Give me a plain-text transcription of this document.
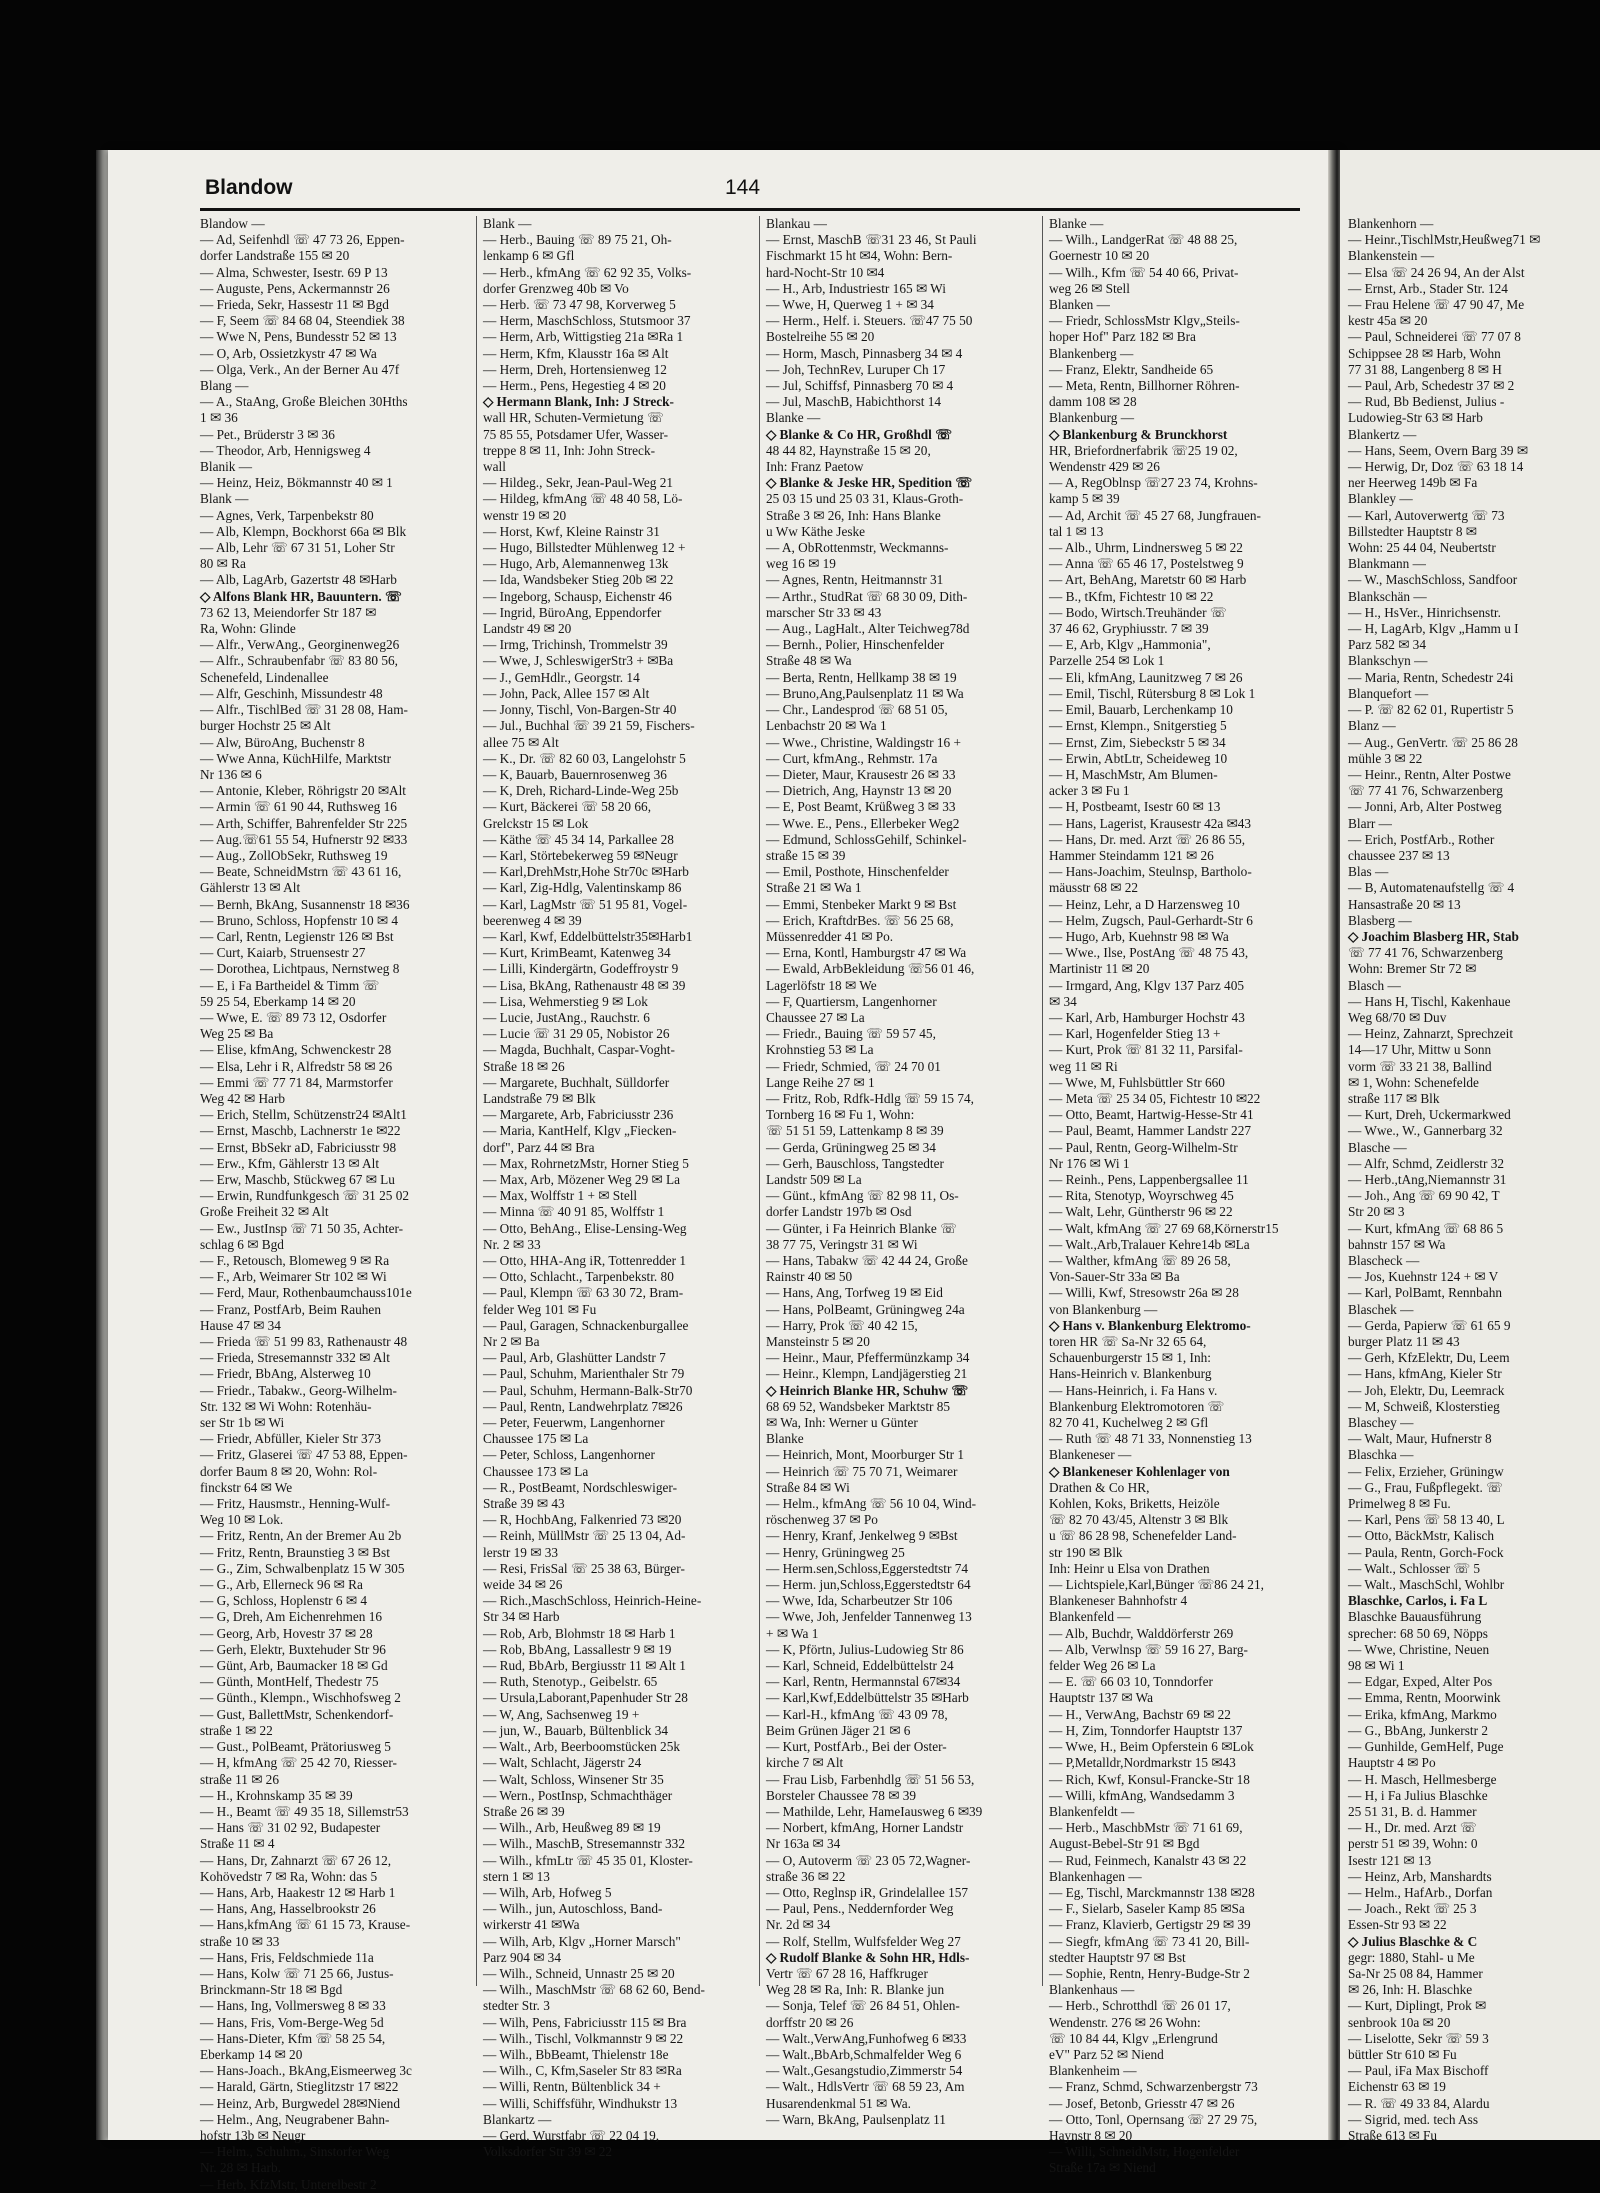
Blandow	144
Blandow —
— Ad, Seifenhdl ☏ 47 73 26, Eppen-
dorfer Landstraße 155 ✉ 20
— Alma, Schwester, Isestr. 69 P 13
— Auguste, Pens, Ackermannstr 26
— Frieda, Sekr, Hassestr 11 ✉ Bgd
— F, Seem ☏ 84 68 04, Steendiek 38
— Wwe N, Pens, Bundesstr 52 ✉ 13
— O, Arb, Ossietzkystr 47 ✉ Wa
— Olga, Verk., An der Berner Au 47f
Blang —
— A., StaAng, Große Bleichen 30Hths
1 ✉ 36
— Pet., Brüderstr 3 ✉ 36
— Theodor, Arb, Hennigsweg 4
Blanik —
— Heinz, Heiz, Bökmannstr 40 ✉ 1
Blank —
— Agnes, Verk, Tarpenbekstr 80
— Alb, Klempn, Bockhorst 66a ✉ Blk
— Alb, Lehr ☏ 67 31 51, Loher Str
80 ✉ Ra
— Alb, LagArb, Gazertstr 48 ✉Harb
◇ Alfons Blank HR, Bauuntern. ☏
73 62 13, Meiendorfer Str 187 ✉
Ra, Wohn: Glinde
— Alfr., VerwAng., Georginenweg26
— Alfr., Schraubenfabr ☏ 83 80 56,
Schenefeld, Lindenallee
— Alfr, Geschinh, Missundestr 48
— Alfr., TischlBed ☏ 31 28 08, Ham-
burger Hochstr 25 ✉ Alt
— Alw, BüroAng, Buchenstr 8
— Wwe Anna, KüchHilfe, Marktstr
Nr 136 ✉ 6
— Antonie, Kleber, Röhrigstr 20 ✉Alt
— Armin ☏ 61 90 44, Ruthsweg 16
— Arth, Schiffer, Bahrenfelder Str 225
— Aug.☏61 55 54, Hufnerstr 92 ✉33
— Aug., ZollObSekr, Ruthsweg 19
— Beate, SchneidMstrn ☏ 43 61 16,
Gählerstr 13 ✉ Alt
— Bernh, BkAng, Susannenstr 18 ✉36
— Bruno, Schloss, Hopfenstr 10 ✉ 4
— Carl, Rentn, Legienstr 126 ✉ Bst
— Curt, Kaiarb, Struensestr 27
— Dorothea, Lichtpaus, Nernstweg 8
— E, i Fa Bartheidel & Timm ☏
59 25 54, Eberkamp 14 ✉ 20
— Wwe, E. ☏ 89 73 12, Osdorfer
Weg 25 ✉ Ba
— Elise, kfmAng, Schwenckestr 28
— Elsa, Lehr i R, Alfredstr 58 ✉ 26
— Emmi ☏ 77 71 84, Marmstorfer
Weg 42 ✉ Harb
— Erich, Stellm, Schützenstr24 ✉Alt1
— Ernst, Maschb, Lachnerstr 1e ✉22
— Ernst, BbSekr aD, Fabriciusstr 98
— Erw., Kfm, Gählerstr 13 ✉ Alt
— Erw, Maschb, Stückweg 67 ✉ Lu
— Erwin, Rundfunkgesch ☏ 31 25 02
Große Freiheit 32 ✉ Alt
— Ew., JustInsp ☏ 71 50 35, Achter-
schlag 6 ✉ Bgd
— F., Retousch, Blomeweg 9 ✉ Ra
— F., Arb, Weimarer Str 102 ✉ Wi
— Ferd, Maur, Rothenbaumchauss101e
— Franz, PostfArb, Beim Rauhen
Hause 47 ✉ 34
— Frieda ☏ 51 99 83, Rathenaustr 48
— Frieda, Stresemannstr 332 ✉ Alt
— Friedr, BbAng, Alsterweg 10
— Friedr., Tabakw., Georg-Wilhelm-
Str. 132 ✉ Wi Wohn: Rotenhäu-
ser Str 1b ✉ Wi
— Friedr, Abfüller, Kieler Str 373
— Fritz, Glaserei ☏ 47 53 88, Eppen-
dorfer Baum 8 ✉ 20, Wohn: Rol-
finckstr 64 ✉ We
— Fritz, Hausmstr., Henning-Wulf-
Weg 10 ✉ Lok.
— Fritz, Rentn, An der Bremer Au 2b
— Fritz, Rentn, Braunstieg 3 ✉ Bst
— G., Zim, Schwalbenplatz 15 W 305
— G., Arb, Ellerneck 96 ✉ Ra
— G, Schloss, Hoplenstr 6 ✉ 4
— G, Dreh, Am Eichenrehmen 16
— Georg, Arb, Hovestr 37 ✉ 28
— Gerh, Elektr, Buxtehuder Str 96
— Günt, Arb, Baumacker 18 ✉ Gd
— Günth, MontHelf, Thedestr 75
— Günth., Klempn., Wischhofsweg 2
— Gust, BallettMstr, Schenkendorf-
straße 1 ✉ 22
— Gust., PolBeamt, Prätoriusweg 5
— H, kfmAng ☏ 25 42 70, Riesser-
straße 11 ✉ 26
— H., Krohnskamp 35 ✉ 39
— H., Beamt ☏ 49 35 18, Sillemstr53
— Hans ☏ 31 02 92, Budapester
Straße 11 ✉ 4
— Hans, Dr, Zahnarzt ☏ 67 26 12,
Kohövedstr 7 ✉ Ra, Wohn: das 5
— Hans, Arb, Haakestr 12 ✉ Harb 1
— Hans, Ang, Hasselbrookstr 26
— Hans,kfmAng ☏ 61 15 73, Krause-
straße 10 ✉ 33
— Hans, Fris, Feldschmiede 11a
— Hans, Kolw ☏ 71 25 66, Justus-
Brinckmann-Str 18 ✉ Bgd
— Hans, Ing, Vollmersweg 8 ✉ 33
— Hans, Fris, Vom-Berge-Weg 5d
— Hans-Dieter, Kfm ☏ 58 25 54,
Eberkamp 14 ✉ 20
— Hans-Joach., BkAng,Eismeerweg 3c
— Harald, Gärtn, Stieglitzstr 17 ✉22
— Heinz, Arb, Burgwedel 28✉Niend
— Helm., Ang, Neugrabener Bahn-
hofstr 13b ✉ Neugr
— Helm., Schuhm., Sinstorfer Weg
Nr. 28 ✉ Harb.
— Herb, KfzMstr, Unterelbestr 2
Blank —
— Herb., Bauing ☏ 89 75 21, Oh-
lenkamp 6 ✉ Gfl
— Herb., kfmAng ☏ 62 92 35, Volks-
dorfer Grenzweg 40b ✉ Vo
— Herb. ☏ 73 47 98, Korverweg 5
— Herm, MaschSchloss, Stutsmoor 37
— Herm, Arb, Wittigstieg 21a ✉Ra 1
— Herm, Kfm, Klausstr 16a ✉ Alt
— Herm, Dreh, Hortensienweg 12
— Herm., Pens, Hegestieg 4 ✉ 20
◇ Hermann Blank, Inh: J Streck-
wall HR, Schuten-Vermietung ☏
75 85 55, Potsdamer Ufer, Wasser-
treppe 8 ✉ 11, Inh: John Streck-
wall
— Hildeg., Sekr, Jean-Paul-Weg 21
— Hildeg, kfmAng ☏ 48 40 58, Lö-
wenstr 19 ✉ 20
— Horst, Kwf, Kleine Rainstr 31
— Hugo, Billstedter Mühlenweg 12 +
— Hugo, Arb, Alemannenweg 13k
— Ida, Wandsbeker Stieg 20b ✉ 22
— Ingeborg, Schausp, Eichenstr 46
— Ingrid, BüroAng, Eppendorfer
Landstr 49 ✉ 20
— Irmg, Trichinsh, Trommelstr 39
— Wwe, J, SchleswigerStr3 + ✉Ba
— J., GemHdlr., Georgstr. 14
— John, Pack, Allee 157 ✉ Alt
— Jonny, Tischl, Von-Bargen-Str 40
— Jul., Buchhal ☏ 39 21 59, Fischers-
allee 75 ✉ Alt
— K., Dr. ☏ 82 60 03, Langelohstr 5
— K, Bauarb, Bauernrosenweg 36
— K, Dreh, Richard-Linde-Weg 25b
— Kurt, Bäckerei ☏ 58 20 66,
Grelckstr 15 ✉ Lok
— Käthe ☏ 45 34 14, Parkallee 28
— Karl, Störtebekerweg 59 ✉Neugr
— Karl,DrehMstr,Hohe Str70c ✉Harb
— Karl, Zig-Hdlg, Valentinskamp 86
— Karl, LagMstr ☏ 51 95 81, Vogel-
beerenweg 4 ✉ 39
— Karl, Kwf, Eddelbüttelstr35✉Harb1
— Kurt, KrimBeamt, Katenweg 34
— Lilli, Kindergärtn, Godeffroystr 9
— Lisa, BkAng, Rathenaustr 48 ✉ 39
— Lisa, Wehmerstieg 9 ✉ Lok
— Lucie, JustAng., Rauchstr. 6
— Lucie ☏ 31 29 05, Nobistor 26
— Magda, Buchhalt, Caspar-Voght-
Straße 18 ✉ 26
— Margarete, Buchhalt, Sülldorfer
Landstraße 79 ✉ Blk
— Margarete, Arb, Fabriciusstr 236
— Maria, KantHelf, Klgv „Fiecken-
dorf", Parz 44 ✉ Bra
— Max, RohrnetzMstr, Horner Stieg 5
— Max, Arb, Mözener Weg 29 ✉ La
— Max, Wolffstr 1 + ✉ Stell
— Minna ☏ 40 91 85, Wolffstr 1
— Otto, BehAng., Elise-Lensing-Weg
Nr. 2 ✉ 33
— Otto, HHA-Ang iR, Tottenredder 1
— Otto, Schlacht., Tarpenbekstr. 80
— Paul, Klempn ☏ 63 30 72, Bram-
felder Weg 101 ✉ Fu
— Paul, Garagen, Schnackenburgallee
Nr 2 ✉ Ba
— Paul, Arb, Glashütter Landstr 7
— Paul, Schuhm, Marienthaler Str 79
— Paul, Schuhm, Hermann-Balk-Str70
— Paul, Rentn, Landwehrplatz 7✉26
— Peter, Feuerwm, Langenhorner
Chaussee 175 ✉ La
— Peter, Schloss, Langenhorner
Chaussee 173 ✉ La
— R., PostBeamt, Nordschleswiger-
Straße 39 ✉ 43
— R, HochbAng, Falkenried 73 ✉20
— Reinh, MüllMstr ☏ 25 13 04, Ad-
lerstr 19 ✉ 33
— Resi, FrisSal ☏ 25 38 63, Bürger-
weide 34 ✉ 26
— Rich.,MaschSchloss, Heinrich-Heine-
Str 34 ✉ Harb
— Rob, Arb, Blohmstr 18 ✉ Harb 1
— Rob, BbAng, Lassallestr 9 ✉ 19
— Rud, BbArb, Bergiusstr 11 ✉ Alt 1
— Ruth, Stenotyp., Geibelstr. 65
— Ursula,Laborant,Papenhuder Str 28
— W, Ang, Sachsenweg 19 +
— jun, W., Bauarb, Bültenblick 34
— Walt., Arb, Beerboomstücken 25k
— Walt, Schlacht, Jägerstr 24
— Walt, Schloss, Winsener Str 35
— Wern., PostInsp, Schmachthäger
Straße 26 ✉ 39
— Wilh., Arb, Heußweg 89 ✉ 19
— Wilh., MaschB, Stresemannstr 332
— Wilh., kfmLtr ☏ 45 35 01, Kloster-
stern 1 ✉ 13
— Wilh, Arb, Hofweg 5
— Wilh., jun, Autoschloss, Band-
wirkerstr 41 ✉Wa
— Wilh, Arb, Klgv „Horner Marsch"
Parz 904 ✉ 34
— Wilh., Schneid, Unnastr 25 ✉ 20
— Wilh., MaschMstr ☏ 68 62 60, Bend-
stedter Str. 3
— Wilh, Pens, Fabriciusstr 115 ✉ Bra
— Wilh., Tischl, Volkmannstr 9 ✉ 22
— Wilh., BbBeamt, Thielenstr 18e
— Wilh., C, Kfm,Saseler Str 83 ✉Ra
— Willi, Rentn, Bültenblick 34 +
— Willi, Schiffsführ, Windhukstr 13
Blankartz —
— Gerd, Wurstfabr ☏ 22 04 19,
Volksdorfer Str 39 ✉ 22
Blankau —
— Ernst, MaschB ☏31 23 46, St Pauli
Fischmarkt 15 ht ✉4, Wohn: Bern-
hard-Nocht-Str 10 ✉4
— H., Arb, Industriestr 165 ✉ Wi
— Wwe, H, Querweg 1 + ✉ 34
— Herm., Helf. i. Steuers. ☏47 75 50
Bostelreihe 55 ✉ 20
— Horm, Masch, Pinnasberg 34 ✉ 4
— Joh, TechnRev, Luruper Ch 17
— Jul, Schiffsf, Pinnasberg 70 ✉ 4
— Jul, MaschB, Habichthorst 14
Blanke —
◇ Blanke & Co HR, Großhdl ☏
48 44 82, Haynstraße 15 ✉ 20,
Inh: Franz Paetow
◇ Blanke & Jeske HR, Spedition ☏
25 03 15 und 25 03 31, Klaus-Groth-
Straße 3 ✉ 26, Inh: Hans Blanke
u Ww Käthe Jeske
— A, ObRottenmstr, Weckmanns-
weg 16 ✉ 19
— Agnes, Rentn, Heitmannstr 31
— Arthr., StudRat ☏ 68 30 09, Dith-
marscher Str 33 ✉ 43
— Aug., LagHalt., Alter Teichweg78d
— Bernh., Polier, Hinschenfelder
Straße 48 ✉ Wa
— Berta, Rentn, Hellkamp 38 ✉ 19
— Bruno,Ang,Paulsenplatz 11 ✉ Wa
— Chr., Landesprod ☏ 68 51 05,
Lenbachstr 20 ✉ Wa 1
— Wwe., Christine, Waldingstr 16 +
— Curt, kfmAng., Rehmstr. 17a
— Dieter, Maur, Krausestr 26 ✉ 33
— Dietrich, Ang, Haynstr 13 ✉ 20
— E, Post Beamt, Krüßweg 3 ✉ 33
— Wwe. E., Pens., Ellerbeker Weg2
— Edmund, SchlossGehilf, Schinkel-
straße 15 ✉ 39
— Emil, Posthote, Hinschenfelder
Straße 21 ✉ Wa 1
— Emmi, Stenbeker Markt 9 ✉ Bst
— Erich, KraftdrBes. ☏ 56 25 68,
Müssenredder 41 ✉ Po.
— Erna, Kontl, Hamburgstr 47 ✉ Wa
— Ewald, ArbBekleidung ☏56 01 46,
Lagerlöfstr 18 ✉ We
— F, Quartiersm, Langenhorner
Chaussee 27 ✉ La
— Friedr., Bauing ☏ 59 57 45,
Krohnstieg 53 ✉ La
— Friedr, Schmied, ☏ 24 70 01
Lange Reihe 27 ✉ 1
— Fritz, Rob, Rdfk-Hdlg ☏ 59 15 74,
Tornberg 16 ✉ Fu 1, Wohn:
☏ 51 51 59, Lattenkamp 8 ✉ 39
— Gerda, Grüningweg 25 ✉ 34
— Gerh, Bauschloss, Tangstedter
Landstr 509 ✉ La
— Günt., kfmAng ☏ 82 98 11, Os-
dorfer Landstr 197b ✉ Osd
— Günter, i Fa Heinrich Blanke ☏
38 77 75, Veringstr 31 ✉ Wi
— Hans, Tabakw ☏ 42 44 24, Große
Rainstr 40 ✉ 50
— Hans, Ang, Torfweg 19 ✉ Eid
— Hans, PolBeamt, Grüningweg 24a
— Harry, Prok ☏ 40 42 15,
Mansteinstr 5 ✉ 20
— Heinr., Maur, Pfeffermünzkamp 34
— Heinr., Klempn, Landjägerstieg 21
◇ Heinrich Blanke HR, Schuhw ☏
68 69 52, Wandsbeker Marktstr 85
✉ Wa, Inh: Werner u Günter
Blanke
— Heinrich, Mont, Moorburger Str 1
— Heinrich ☏ 75 70 71, Weimarer
Straße 84 ✉ Wi
— Helm., kfmAng ☏ 56 10 04, Wind-
röschenweg 37 ✉ Po
— Henry, Kranf, Jenkelweg 9 ✉Bst
— Henry, Grüningweg 25
— Herm.sen,Schloss,Eggerstedtstr 74
— Herm. jun,Schloss,Eggerstedtstr 64
— Wwe, Ida, Scharbeutzer Str 106
— Wwe, Joh, Jenfelder Tannenweg 13
+ ✉ Wa 1
— K, Pförtn, Julius-Ludowieg Str 86
— Karl, Schneid, Eddelbüttelstr 24
— Karl, Rentn, Hermannstal 67✉34
— Karl,Kwf,Eddelbüttelstr 35 ✉Harb
— Karl-H., kfmAng ☏ 43 09 78,
Beim Grünen Jäger 21 ✉ 6
— Kurt, PostfArb., Bei der Oster-
kirche 7 ✉ Alt
— Frau Lisb, Farbenhdlg ☏ 51 56 53,
Borsteler Chaussee 78 ✉ 39
— Mathilde, Lehr, HameIausweg 6 ✉39
— Norbert, kfmAng, Horner Landstr
Nr 163a ✉ 34
— O, Autoverm ☏ 23 05 72,Wagner-
straße 36 ✉ 22
— Otto, Reglnsp iR, Grindelallee 157
— Paul, Pens., Neddernforder Weg
Nr. 2d ✉ 34
— Rolf, Stellm, Wulfsfelder Weg 27
◇ Rudolf Blanke & Sohn HR, Hdls-
Vertr ☏ 67 28 16, Haffkruger
Weg 28 ✉ Ra, Inh: R. Blanke jun
— Sonja, Telef ☏ 26 84 51, Ohlen-
dorffstr 20 ✉ 26
— Walt.,VerwAng,Funhofweg 6 ✉33
— Walt.,BbArb,Schmalfelder Weg 6
— Walt.,Gesangstudio,Zimmerstr 54
— Walt., HdlsVertr ☏ 68 59 23, Am
Husarendenkmal 51 ✉ Wa.
— Warn, BkAng, Paulsenplatz 11
Blanke —
— Wilh., LandgerRat ☏ 48 88 25,
Goernestr 10 ✉ 20
— Wilh., Kfm ☏ 54 40 66, Privat-
weg 26 ✉ Stell
Blanken —
— Friedr, SchlossMstr Klgv„Steils-
hoper Hof" Parz 182 ✉ Bra
Blankenberg —
— Franz, Elektr, Sandheide 65
— Meta, Rentn, Billhorner Röhren-
damm 108 ✉ 28
Blankenburg —
◇ Blankenburg & Brunckhorst
HR, Briefordnerfabrik ☏25 19 02,
Wendenstr 429 ✉ 26
— A, RegOblnsp ☏27 23 74, Krohns-
kamp 5 ✉ 39
— Ad, Archit ☏ 45 27 68, Jungfrauen-
tal 1 ✉ 13
— Alb., Uhrm, Lindnersweg 5 ✉ 22
— Anna ☏ 65 46 17, Postelstweg 9
— Art, BehAng, Maretstr 60 ✉ Harb
— B., tKfm, Fichtestr 10 ✉ 22
— Bodo, Wirtsch.Treuhänder ☏
37 46 62, Gryphiusstr. 7 ✉ 39
— E, Arb, Klgv „Hammonia",
Parzelle 254 ✉ Lok 1
— Eli, kfmAng, Launitzweg 7 ✉ 26
— Emil, Tischl, Rütersburg 8 ✉ Lok 1
— Emil, Bauarb, Lerchenkamp 10
— Ernst, Klempn., Snitgerstieg 5
— Ernst, Zim, Siebeckstr 5 ✉ 34
— Erwin, AbtLtr, Scheideweg 10
— H, MaschMstr, Am Blumen-
acker 3 ✉ Fu 1
— H, Postbeamt, Isestr 60 ✉ 13
— Hans, Lagerist, Krausestr 42a ✉43
— Hans, Dr. med. Arzt ☏ 26 86 55,
Hammer Steindamm 121 ✉ 26
— Hans-Joachim, Steulnsp, Bartholo-
mäusstr 68 ✉ 22
— Heinz, Lehr, a D Harzensweg 10
— Helm, Zugsch, Paul-Gerhardt-Str 6
— Hugo, Arb, Kuehnstr 98 ✉ Wa
— Wwe., Ilse, PostAng ☏ 48 75 43,
Martinistr 11 ✉ 20
— Irmgard, Ang, Klgv 137 Parz 405
✉ 34
— Karl, Arb, Hamburger Hochstr 43
— Karl, Hogenfelder Stieg 13 +
— Kurt, Prok ☏ 81 32 11, Parsifal-
weg 11 ✉ Ri
— Wwe, M, Fuhlsbüttler Str 660
— Meta ☏ 25 34 05, Fichtestr 10 ✉22
— Otto, Beamt, Hartwig-Hesse-Str 41
— Paul, Beamt, Hammer Landstr 227
— Paul, Rentn, Georg-Wilhelm-Str
Nr 176 ✉ Wi 1
— Reinh., Pens, Lappenbergsallee 11
— Rita, Stenotyp, Woyrschweg 45
— Walt, Lehr, Güntherstr 96 ✉ 22
— Walt, kfmAng ☏ 27 69 68,Körnerstr15
— Walt.,Arb,Tralauer Kehre14b ✉La
— Walther, kfmAng ☏ 89 26 58,
Von-Sauer-Str 33a ✉ Ba
— Willi, Kwf, Stresowstr 26a ✉ 28
von Blankenburg —
◇ Hans v. Blankenburg Elektromo-
toren HR ☏ Sa-Nr 32 65 64,
Schauenburgerstr 15 ✉ 1, Inh:
Hans-Heinrich v. Blankenburg
— Hans-Heinrich, i. Fa Hans v.
Blankenburg Elektromotoren ☏
82 70 41, Kuchelweg 2 ✉ Gfl
— Ruth ☏ 48 71 33, Nonnenstieg 13
Blankeneser —
◇ Blankeneser Kohlenlager von
Drathen & Co HR,
Kohlen, Koks, Briketts, Heizöle
☏ 82 70 43/45, Altenstr 3 ✉ Blk
u ☏ 86 28 98, Schenefelder Land-
str 190 ✉ Blk
Inh: Heinr u Elsa von Drathen
— Lichtspiele,Karl,Bünger ☏86 24 21,
Blankeneser Bahnhofstr 4
Blankenfeld —
— Alb, Buchdr, Walddörferstr 269
— Alb, Verwlnsp ☏ 59 16 27, Barg-
felder Weg 26 ✉ La
— E. ☏ 66 03 10, Tonndorfer
Hauptstr 137 ✉ Wa
— H., VerwAng, Bachstr 69 ✉ 22
— H, Zim, Tonndorfer Hauptstr 137
— Wwe, H., Beim Opferstein 6 ✉Lok
— P,Metalldr,Nordmarkstr 15 ✉43
— Rich, Kwf, Konsul-Francke-Str 18
— Willi, kfmAng, Wandsedamm 3
Blankenfeldt —
— Herb., MaschbMstr ☏ 71 61 69,
August-Bebel-Str 91 ✉ Bgd
— Rud, Feinmech, Kanalstr 43 ✉ 22
Blankenhagen —
— Eg, Tischl, Marckmannstr 138 ✉28
— F., Sielarb, Saseler Kamp 85 ✉Sa
— Franz, Klavierb, Gertigstr 29 ✉ 39
— Siegfr, kfmAng ☏ 73 41 20, Bill-
stedter Hauptstr 97 ✉ Bst
— Sophie, Rentn, Henry-Budge-Str 2
Blankenhaus —
— Herb., Schrotthdl ☏ 26 01 17,
Wendenstr. 276 ✉ 26 Wohn:
☏ 10 84 44, Klgv „Erlengrund
eV" Parz 52 ✉ Niend
Blankenheim —
— Franz, Schmd, Schwarzenbergstr 73
— Josef, Betonb, Griesstr 47 ✉ 26
— Otto, Tonl, Opernsang ☏ 27 29 75,
Haynstr 8 ✉ 20
— Willi, SchneidMstr, Hogenfelder
Straße 17a ✉ Niend
Blankenhorn —
— Heinr.,TischlMstr,Heußweg71 ✉
Blankenstein —
— Elsa ☏ 24 26 94, An der Alst
— Ernst, Arb., Stader Str. 124
— Frau Helene ☏ 47 90 47, Me
kestr 45a ✉ 20
— Paul, Schneiderei ☏ 77 07 8
Schippsee 28 ✉ Harb, Wohn
77 31 88, Langenberg 8 ✉ H
— Paul, Arb, Schedestr 37 ✉ 2
— Rud, Bb Bedienst, Julius -
Ludowieg-Str 63 ✉ Harb
Blankertz —
— Hans, Seem, Overn Barg 39 ✉
— Herwig, Dr, Doz ☏ 63 18 14
ner Heerweg 149b ✉ Fa
Blankley —
— Karl, Autoverwertg ☏ 73
Billstedter Hauptstr 8 ✉
Wohn: 25 44 04, Neubertstr
Blankmann —
— W., MaschSchloss, Sandfoor
Blankschän —
— H., HsVer., Hinrichsenstr.
— H, LagArb, Klgv „Hamm u I
Parz 582 ✉ 34
Blankschyn —
— Maria, Rentn, Schedestr 24i
Blanquefort —
— P. ☏ 82 62 01, Rupertistr 5
Blanz —
— Aug., GenVertr. ☏ 25 86 28
mühle 3 ✉ 22
— Heinr., Rentn, Alter Postwe
☏ 77 41 76, Schwarzenberg
— Jonni, Arb, Alter Postweg
Blarr —
— Erich, PostfArb., Rother
chaussee 237 ✉ 13
Blas —
— B, Automatenaufstellg ☏ 4
Hansastraße 20 ✉ 13
Blasberg —
◇ Joachim Blasberg HR, Stab
☏ 77 41 76, Schwarzenberg
Wohn: Bremer Str 72 ✉
Blasch —
— Hans H, Tischl, Kakenhaue
Weg 68/70 ✉ Duv
— Heinz, Zahnarzt, Sprechzeit
14—17 Uhr, Mittw u Sonn
vorm ☏ 33 21 38, Ballind
✉ 1, Wohn: Schenefelde
straße 117 ✉ Blk
— Kurt, Dreh, Uckermarkwed
— Wwe., W., Gannerbarg 32
Blasche —
— Alfr, Schmd, Zeidlerstr 32
— Herb.,tAng,Niemannstr 31
— Joh., Ang ☏ 69 90 42, T
Str 20 ✉ 3
— Kurt, kfmAng ☏ 68 86 5
bahnstr 157 ✉ Wa
Blascheck —
— Jos, Kuehnstr 124 + ✉ V
— Karl, PolBamt, Rennbahn
Blaschek —
— Gerda, Papierw ☏ 61 65 9
burger Platz 11 ✉ 43
— Gerh, KfzElektr, Du, Leem
— Hans, kfmAng, Kieler Str
— Joh, Elektr, Du, Leemrack
— M, Schweiß, Klosterstieg
Blaschey —
— Walt, Maur, Hufnerstr 8
Blaschka —
— Felix, Erzieher, Grüningw
— G., Frau, Fußpflegekt. ☏
Primelweg 8 ✉ Fu.
— Karl, Pens ☏ 58 13 40, L
— Otto, BäckMstr, Kalisch
— Paula, Rentn, Gorch-Fock
— Walt., Schlosser ☏ 5
— Walt., MaschSchl, Wohlbr
Blaschke, Carlos, i. Fa L
Blaschke Bauausführung
sprecher: 68 50 69, Nöpps
— Wwe, Christine, Neuen
98 ✉ Wi 1
— Edgar, Exped, Alter Pos
— Emma, Rentn, Moorwink
— Erika, kfmAng, Markmo
— G., BbAng, Junkerstr 2
— Gunhilde, GemHelf, Puge
Hauptstr 4 ✉ Po
— H. Masch, Hellmesberge
— H, i Fa Julius Blaschke
25 51 31, B. d. Hammer
— H., Dr. med. Arzt ☏
perstr 51 ✉ 39, Wohn: 0
Isestr 121 ✉ 13
— Heinz, Arb, Manshardts
— Helm., HafArb., Dorfan
— Joach., Rekt ☏ 25 3
Essen-Str 93 ✉ 22
◇ Julius Blaschke & C
gegr: 1880, Stahl- u Me
Sa-Nr 25 08 84, Hammer
✉ 26, Inh: H. Blaschke
— Kurt, Diplingt, Prok ✉
senbrook 10a ✉ 20
— Liselotte, Sekr ☏ 59 3
büttler Str 610 ✉ Fu
— Paul, iFa Max Bischoff
Eichenstr 63 ✉ 19
— R. ☏ 49 33 84, Alardu
— Sigrid, med. tech Ass
Straße 613 ✉ Fu
